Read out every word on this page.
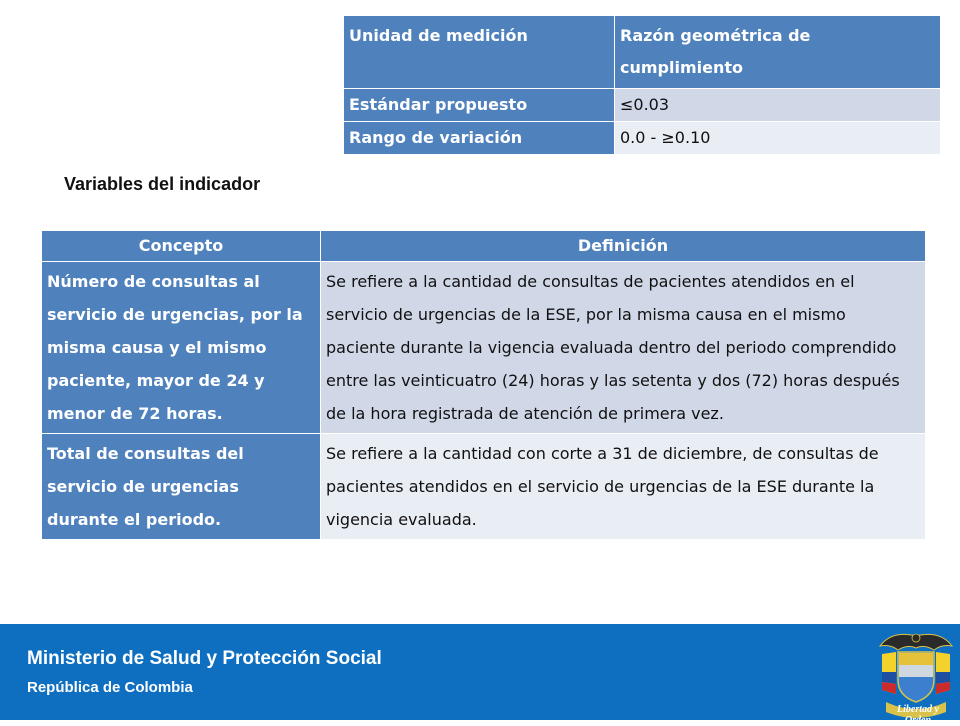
Unidad de medición	Razón geométrica de cumplimiento
Estándar propuesto	≤0.03
Rango de variación	0.0 - ≥0.10
Variables del indicador
Concepto	Definición
Número de consultas al servicio de urgencias, por la misma causa y el mismo paciente, mayor de 24 y menor de 72 horas.	Se refiere a la cantidad de consultas de pacientes atendidos en el servicio de urgencias de la ESE, por la misma causa en el mismo paciente durante la vigencia evaluada dentro del periodo comprendido entre las veinticuatro (24) horas y las setenta y dos (72) horas después de la hora registrada de atención de primera vez.
Total de consultas del servicio de urgencias durante el periodo.	Se refiere a la cantidad con corte a 31 de diciembre, de consultas de pacientes atendidos en el servicio de urgencias de la ESE durante la vigencia evaluada.
Ministerio de Salud y Protección Social
República de Colombia
Libertad y Orden
